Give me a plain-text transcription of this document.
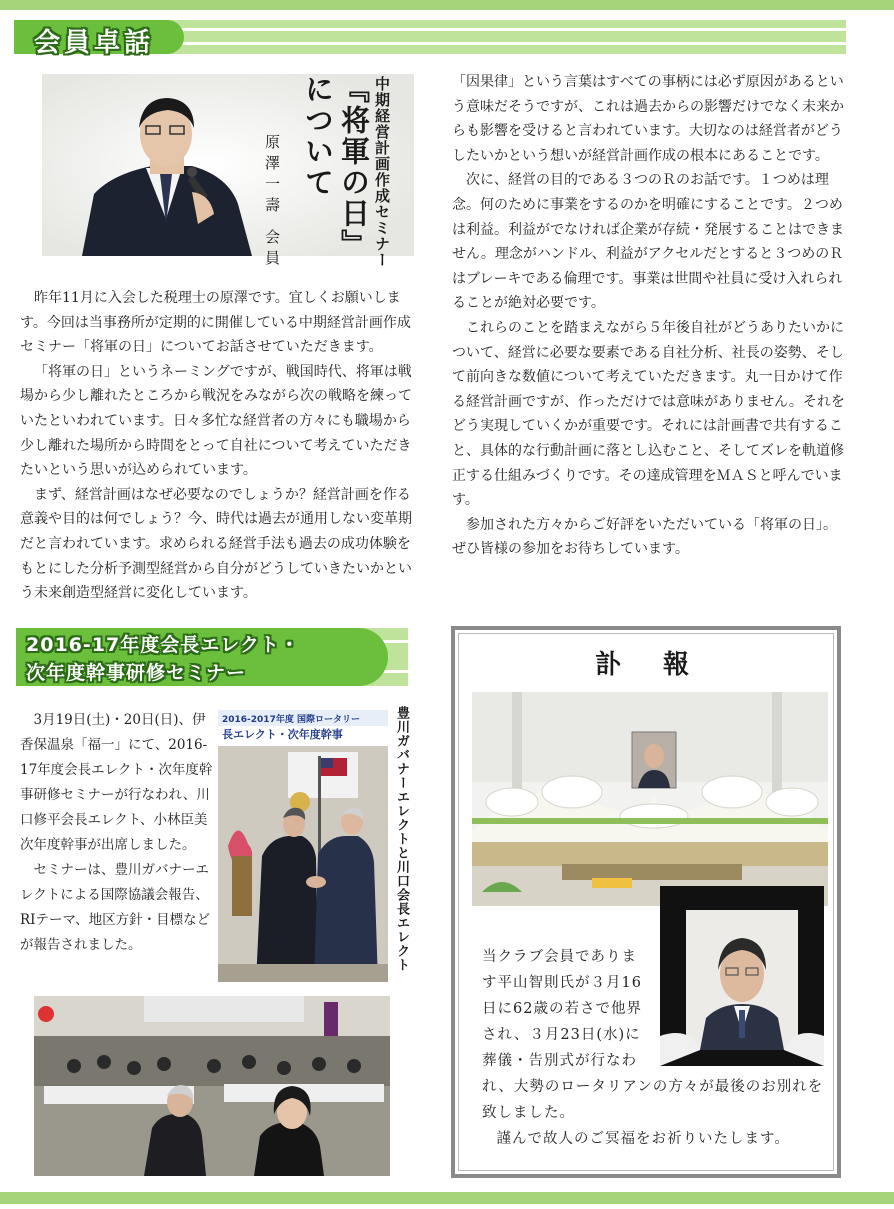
会員卓話
中期経営計画作成セミナー
『将軍の日』について
原澤一壽 会員

昨年11月に入会した税理士の原澤です。宜しくお願いします。今回は当事務所が定期的に開催している中期経営計画作成セミナー「将軍の日」についてお話させていただきます。

「将軍の日」というネーミングですが、戦国時代、将軍は戦場から少し離れたところから戦況をみながら次の戦略を練っていたといわれています。日々多忙な経営者の方々にも職場から少し離れた場所から時間をとって自社について考えていただきたいという思いが込められています。

まず、経営計画はなぜ必要なのでしょうか？経営計画を作る意義や目的は何でしょう？今、時代は過去が通用しない変革期だと言われています。求められる経営手法も過去の成功体験をもとにした分析予測型経営から自分がどうしていきたいかという未来創造型経営に変化しています。

「因果律」という言葉はすべての事柄には必ず原因があるという意味だそうですが、これは過去からの影響だけでなく未来からも影響を受けると言われています。大切なのは経営者がどうしたいかという想いが経営計画作成の根本にあることです。

次に、経営の目的である３つのＲのお話です。１つめは理念。何のために事業をするのかを明確にすることです。２つめは利益。利益がでなければ企業が存続・発展することはできません。理念がハンドル、利益がアクセルだとすると３つめのＲはブレーキである倫理です。事業は世間や社員に受け入れられることが絶対必要です。

これらのことを踏まえながら５年後自社がどうありたいかについて、経営に必要な要素である自社分析、社長の姿勢、そして前向きな数値について考えていただきます。丸一日かけて作る経営計画ですが、作っただけでは意味がありません。それをどう実現していくかが重要です。それには計画書で共有すること、具体的な行動計画に落とし込むこと、そしてズレを軌道修正する仕組みづくりです。その達成管理をＭＡＳと呼んでいます。

参加された方々からご好評をいただいている「将軍の日」。ぜひ皆様の参加をお待ちしています。

2016-17年度会長エレクト・
次年度幹事研修セミナー

3月19日(土)・20日(日)、伊香保温泉「福一」にて、2016-17年度会長エレクト・次年度幹事研修セミナーが行なわれ、川口修平会長エレクト、小林臣美次年度幹事が出席しました。

セミナーは、豊川ガバナーエレクトによる国際協議会報告、RIテーマ、地区方針・目標などが報告されました。

2016-2017年度 国際ロータリー
長エレクト・次年度幹事	豊川ガバナーエレクトと川口会長エレクト
訃　報
当クラブ会員でありま す平山智則氏が３月16日に62歳の若さで他界され、３月23日(水)に葬儀・告別式が行なわれ、大勢のロータリアンの方々が最後のお別れを致しました。
謹んで故人のご冥福をお祈りいたします。
